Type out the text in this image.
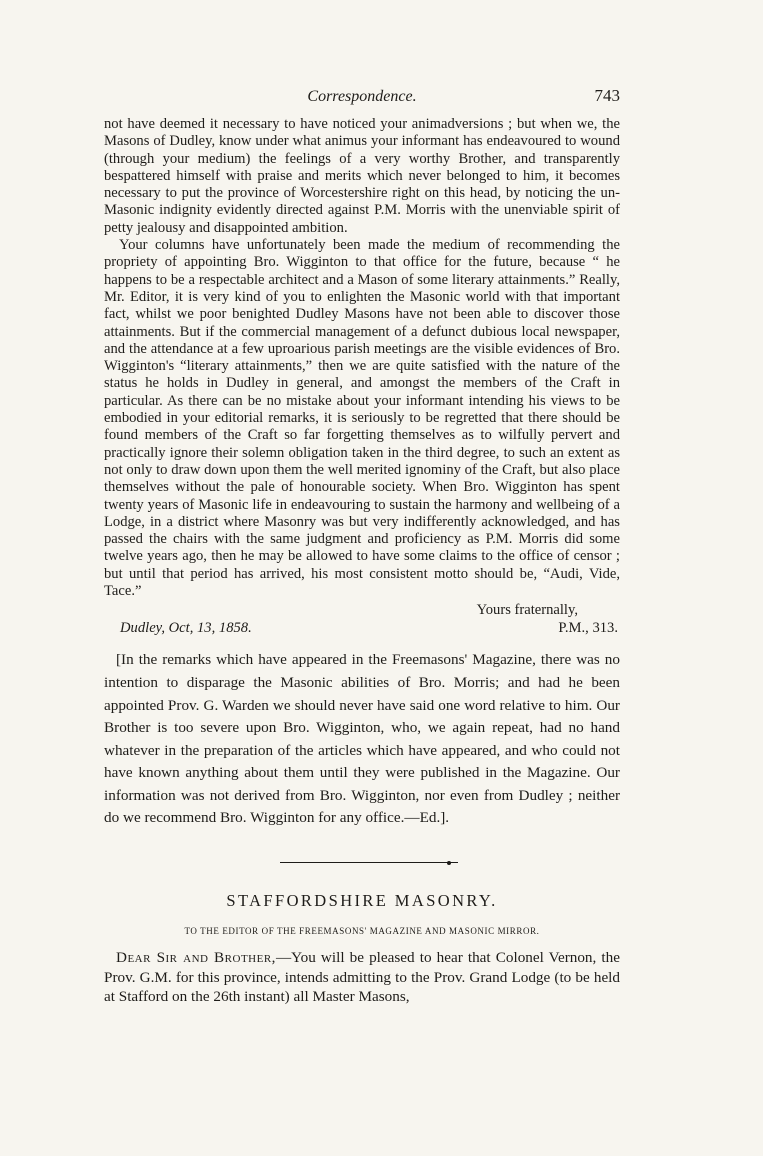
Correspondence.	743

not have deemed it necessary to have noticed your animadversions ; but when we, the Masons of Dudley, know under what animus your informant has endeavoured to wound (through your medium) the feelings of a very worthy Brother, and transparently bespattered himself with praise and merits which never belonged to him, it becomes necessary to put the province of Worcestershire right on this head, by noticing the un-Masonic indignity evidently directed against P.M. Morris with the unenviable spirit of petty jealousy and disappointed ambition.

Your columns have unfortunately been made the medium of recommending the propriety of appointing Bro. Wigginton to that office for the future, because “ he happens to be a respectable architect and a Mason of some literary attainments.” Really, Mr. Editor, it is very kind of you to enlighten the Masonic world with that important fact, whilst we poor benighted Dudley Masons have not been able to discover those attainments. But if the commercial management of a defunct dubious local newspaper, and the attendance at a few uproarious parish meetings are the visible evidences of Bro. Wigginton's “literary attainments,” then we are quite satisfied with the nature of the status he holds in Dudley in general, and amongst the members of the Craft in particular. As there can be no mistake about your informant intending his views to be embodied in your editorial remarks, it is seriously to be regretted that there should be found members of the Craft so far forgetting themselves as to wilfully pervert and practically ignore their solemn obligation taken in the third degree, to such an extent as not only to draw down upon them the well merited ignominy of the Craft, but also place themselves without the pale of honourable society. When Bro. Wigginton has spent twenty years of Masonic life in endeavouring to sustain the harmony and wellbeing of a Lodge, in a district where Masonry was but very indifferently acknowledged, and has passed the chairs with the same judgment and proficiency as P.M. Morris did some twelve years ago, then he may be allowed to have some claims to the office of censor ; but until that period has arrived, his most consistent motto should be, “Audi, Vide, Tace.”

Yours fraternally,
Dudley, Oct, 13, 1858.	P.M., 313.
[In the remarks which have appeared in the Freemasons' Magazine, there was no intention to disparage the Masonic abilities of Bro. Morris; and had he been appointed Prov. G. Warden we should never have said one word relative to him. Our Brother is too severe upon Bro. Wigginton, who, we again repeat, had no hand whatever in the preparation of the articles which have appeared, and who could not have known anything about them until they were published in the Magazine. Our information was not derived from Bro. Wigginton, nor even from Dudley ; neither do we recommend Bro. Wigginton for any office.—Ed.].
STAFFORDSHIRE MASONRY.
TO THE EDITOR OF THE FREEMASONS' MAGAZINE AND MASONIC MIRROR.
Dear Sir and Brother,—You will be pleased to hear that Colonel Vernon, the Prov. G.M. for this province, intends admitting to the Prov. Grand Lodge (to be held at Stafford on the 26th instant) all Master Masons,
